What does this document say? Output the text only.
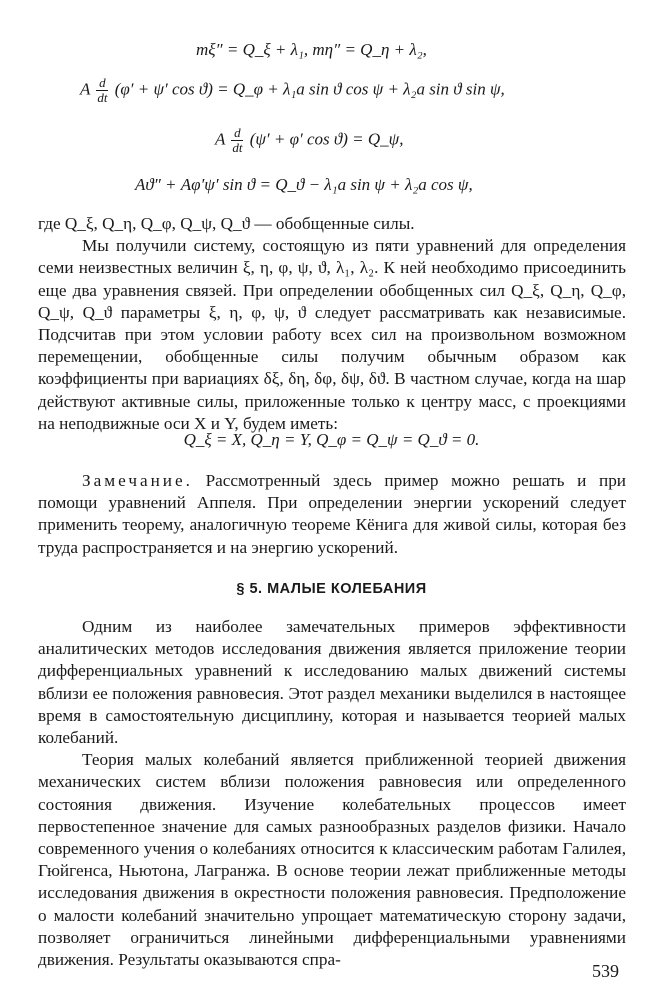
mξ″ = Q_ξ + λ₁, mη″ = Q_η + λ₂,
A $\frac{d}{dt} (\varphi' + \psi'$ cos ϑ) = Q_φ + λ₁a sin ϑ cos ψ + λ₂a sin ϑ sin ψ,
A $\frac{d}{dt} (\psi' + \varphi'$ cos ϑ) = Q_ψ,
Aϑ″ + Aφ′ψ′ sin ϑ = Q_ϑ − λ₁a sin ψ + λ₂a cos ψ,

где Q_ξ, Q_η, Q_φ, Q_ψ, Q_ϑ — обобщенные силы.

Мы получили систему, состоящую из пяти уравнений для определения семи неизвестных величин ξ, η, φ, ψ, ϑ, λ₁, λ₂. К ней необходимо присоединить еще два уравнения связей. При определении обобщенных сил Q_ξ, Q_η, Q_φ, Q_ψ, Q_ϑ параметры ξ, η, φ, ψ, ϑ следует рассматривать как независимые. Подсчитав при этом условии работу всех сил на произвольном возможном перемещении, обобщенные силы получим обычным образом как коэффициенты при вариациях δξ, δη, δφ, δψ, δϑ. В частном случае, когда на шар действуют активные силы, приложенные только к центру масс, с проекциями на неподвижные оси X и Y, будем иметь:

Q_ξ = X, Q_η = Y, Q_φ = Q_ψ = Q_ϑ = 0.

Замечание. Рассмотренный здесь пример можно решать и при помощи уравнений Аппеля. При определении энергии ускорений следует применить теорему, аналогичную теореме Кёнига для живой силы, которая без труда распространяется и на энергию ускорений.

§ 5. МАЛЫЕ КОЛЕБАНИЯ

Одним из наиболее замечательных примеров эффективности аналитических методов исследования движения является приложение теории дифференциальных уравнений к исследованию малых движений системы вблизи ее положения равновесия. Этот раздел механики выделился в настоящее время в самостоятельную дисциплину, которая и называется теорией малых колебаний.

Теория малых колебаний является приближенной теорией движения механических систем вблизи положения равновесия или определенного состояния движения. Изучение колебательных процессов имеет первостепенное значение для самых разнообразных разделов физики. Начало современного учения о колебаниях относится к классическим работам Галилея, Гюйгенса, Ньютона, Лагранжа. В основе теории лежат приближенные методы исследования движения в окрестности положения равновесия. Предположение о малости колебаний значительно упрощает математическую сторону задачи, позволяет ограничиться линейными дифференциальными уравнениями движения. Результаты оказываются спра-

539
